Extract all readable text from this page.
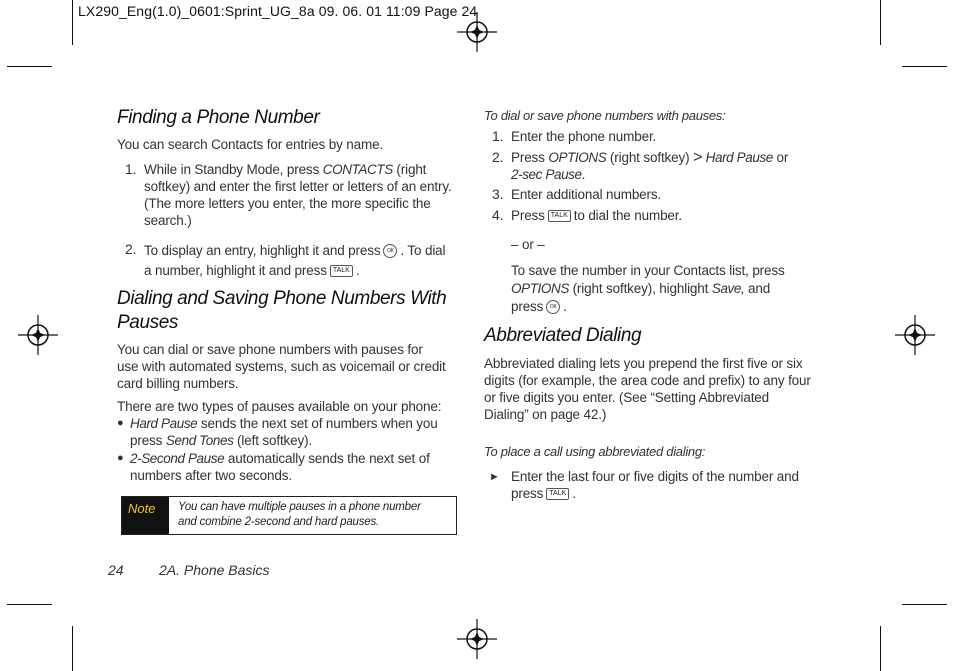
LX290_Eng(1.0)_0601:Sprint_UG_8a 09. 06. 01 11:09 Page 24
Finding a Phone Number

You can search Contacts for entries by name.

1. While in Standby Mode, press CONTACTS (right
softkey) and enter the first letter or letters of an entry.
(The more letters you enter, the more specific the
search.)
2. To display an entry, highlight it and press OK . To dial
a number, highlight it and press TALK .
Dialing and Saving Phone Numbers With
Pauses
You can dial or save phone numbers with pauses for
use with automated systems, such as voicemail or credit
card billing numbers.
There are two types of pauses available on your phone:
● Hard Pause sends the next set of numbers when you
press Send Tones (left softkey).
● 2-Second Pause automatically sends the next set of
numbers after two seconds.
Note	You can have multiple pauses in a phone number
and combine 2-second and hard pauses.
24	2A. Phone Basics
To dial or save phone numbers with pauses:
1. Enter the phone number.
2. Press OPTIONS (right softkey) > Hard Pause or
2-sec Pause.
3. Enter additional numbers.
4. Press TALK to dial the number.
– or –
To save the number in your Contacts list, press
OPTIONS (right softkey), highlight Save, and
press OK .
Abbreviated Dialing
Abbreviated dialing lets you prepend the first five or six
digits (for example, the area code and prefix) to any four
or five digits you enter. (See “Setting Abbreviated
Dialing” on page 42.)
To place a call using abbreviated dialing:
► Enter the last four or five digits of the number and
press TALK .
